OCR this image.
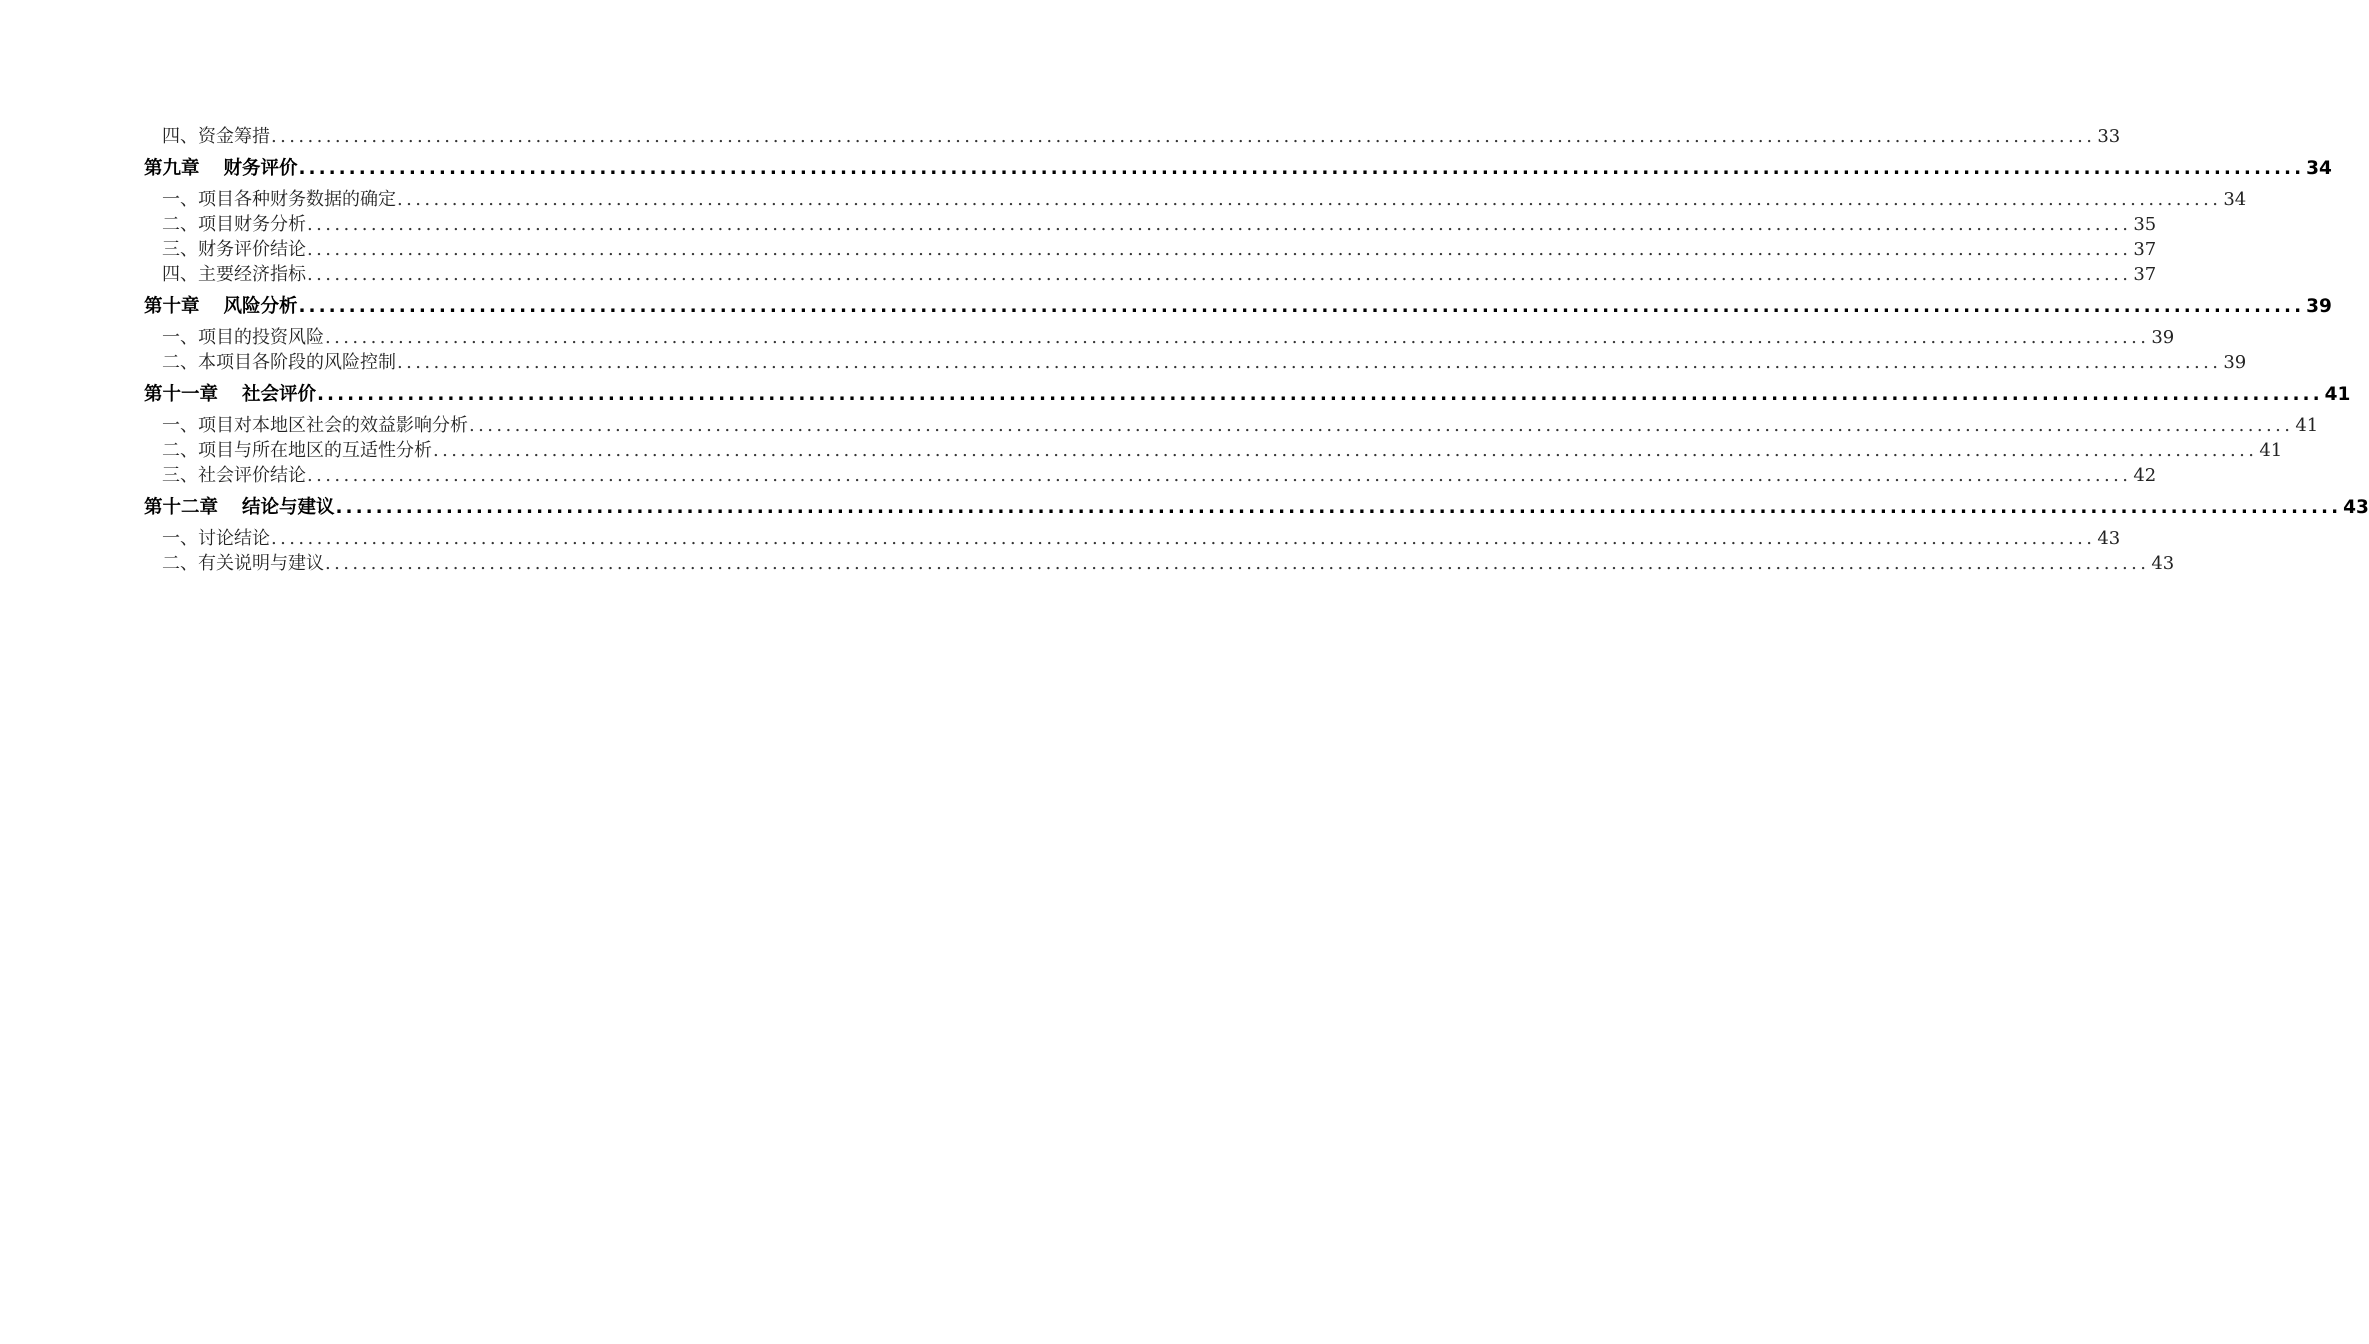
四、资金筹措 ........................................................................................................................................................................................................ 33
第九章 财务评价 ........................................................................................................................................................................................................ 34
一、项目各种财务数据的确定 ........................................................................................................................................................................................................ 34
二、项目财务分析 ........................................................................................................................................................................................................ 35
三、财务评价结论 ........................................................................................................................................................................................................ 37
四、主要经济指标 ........................................................................................................................................................................................................ 37
第十章 风险分析 ........................................................................................................................................................................................................ 39
一、项目的投资风险 ........................................................................................................................................................................................................ 39
二、本项目各阶段的风险控制 ........................................................................................................................................................................................................ 39
第十一章 社会评价 ........................................................................................................................................................................................................ 41
一、项目对本地区社会的效益影响分析 ........................................................................................................................................................................................................ 41
二、项目与所在地区的互适性分析 ........................................................................................................................................................................................................ 41
三、社会评价结论 ........................................................................................................................................................................................................ 42
第十二章 结论与建议 ........................................................................................................................................................................................................ 43
一、讨论结论 ........................................................................................................................................................................................................ 43
二、有关说明与建议 ........................................................................................................................................................................................................ 43
